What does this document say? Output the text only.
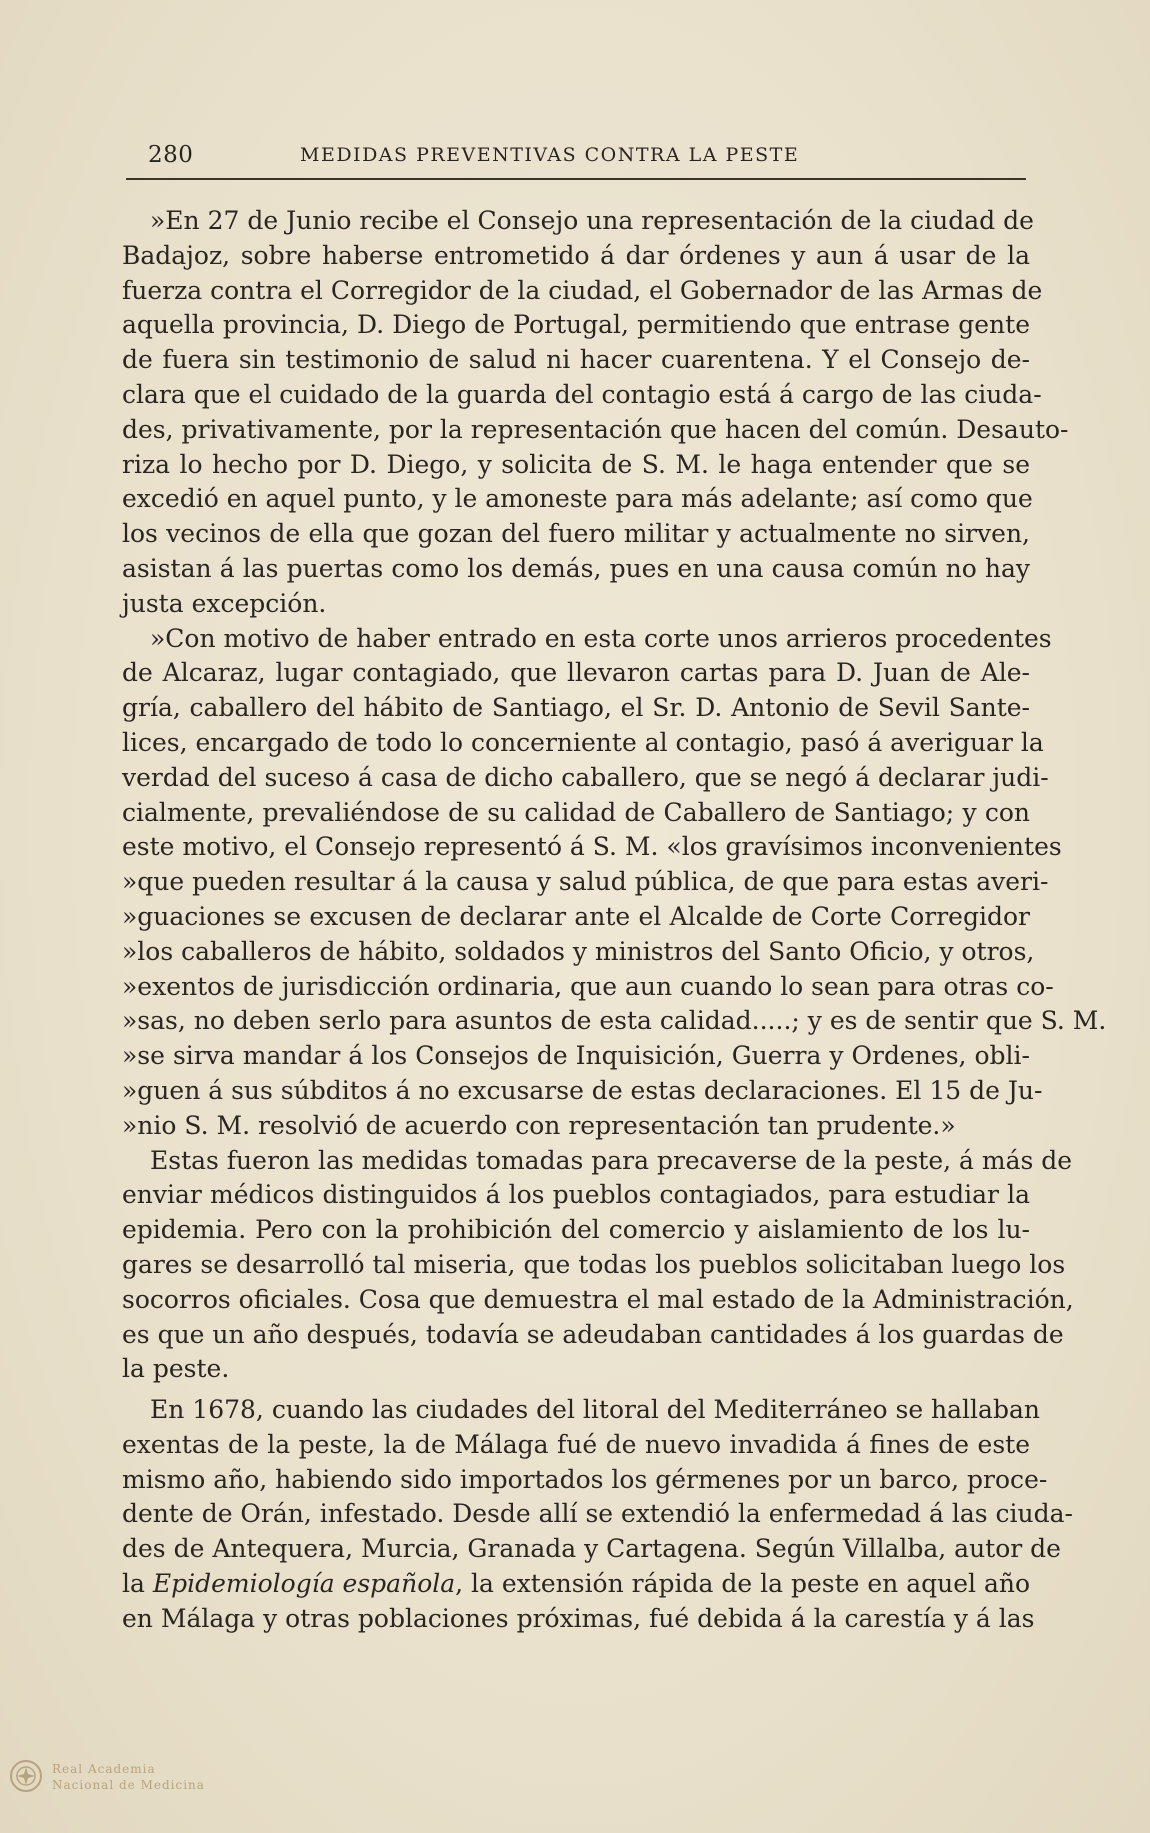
280	MEDIDAS PREVENTIVAS CONTRA LA PESTE
»En 27 de Junio recibe el Consejo una representación de la ciudad de
Badajoz, sobre haberse entrometido á dar órdenes y aun á usar de la
fuerza contra el Corregidor de la ciudad, el Gobernador de las Armas de
aquella provincia, D. Diego de Portugal, permitiendo que entrase gente
de fuera sin testimonio de salud ni hacer cuarentena. Y el Consejo de-
clara que el cuidado de la guarda del contagio está á cargo de las ciuda-
des, privativamente, por la representación que hacen del común. Desauto-
riza lo hecho por D. Diego, y solicita de S. M. le haga entender que se
excedió en aquel punto, y le amoneste para más adelante; así como que
los vecinos de ella que gozan del fuero militar y actualmente no sirven,
asistan á las puertas como los demás, pues en una causa común no hay
justa excepción.
»Con motivo de haber entrado en esta corte unos arrieros procedentes
de Alcaraz, lugar contagiado, que llevaron cartas para D. Juan de Ale-
gría, caballero del hábito de Santiago, el Sr. D. Antonio de Sevil Sante-
lices, encargado de todo lo concerniente al contagio, pasó á averiguar la
verdad del suceso á casa de dicho caballero, que se negó á declarar judi-
cialmente, prevaliéndose de su calidad de Caballero de Santiago; y con
este motivo, el Consejo representó á S. M. «los gravísimos inconvenientes
»que pueden resultar á la causa y salud pública, de que para estas averi-
»guaciones se excusen de declarar ante el Alcalde de Corte Corregidor
»los caballeros de hábito, soldados y ministros del Santo Oficio, y otros,
»exentos de jurisdicción ordinaria, que aun cuando lo sean para otras co-
»sas, no deben serlo para asuntos de esta calidad.....; y es de sentir que S. M.
»se sirva mandar á los Consejos de Inquisición, Guerra y Ordenes, obli-
»guen á sus súbditos á no excusarse de estas declaraciones. El 15 de Ju-
»nio S. M. resolvió de acuerdo con representación tan prudente.»
Estas fueron las medidas tomadas para precaverse de la peste, á más de
enviar médicos distinguidos á los pueblos contagiados, para estudiar la
epidemia. Pero con la prohibición del comercio y aislamiento de los lu-
gares se desarrolló tal miseria, que todas los pueblos solicitaban luego los
socorros oficiales. Cosa que demuestra el mal estado de la Administración,
es que un año después, todavía se adeudaban cantidades á los guardas de
la peste.
En 1678, cuando las ciudades del litoral del Mediterráneo se hallaban
exentas de la peste, la de Málaga fué de nuevo invadida á fines de este
mismo año, habiendo sido importados los gérmenes por un barco, proce-
dente de Orán, infestado. Desde allí se extendió la enfermedad á las ciuda-
des de Antequera, Murcia, Granada y Cartagena. Según Villalba, autor de
la Epidemiología española, la extensión rápida de la peste en aquel año
en Málaga y otras poblaciones próximas, fué debida á la carestía y á las
Real Academia
Nacional de Medicina
